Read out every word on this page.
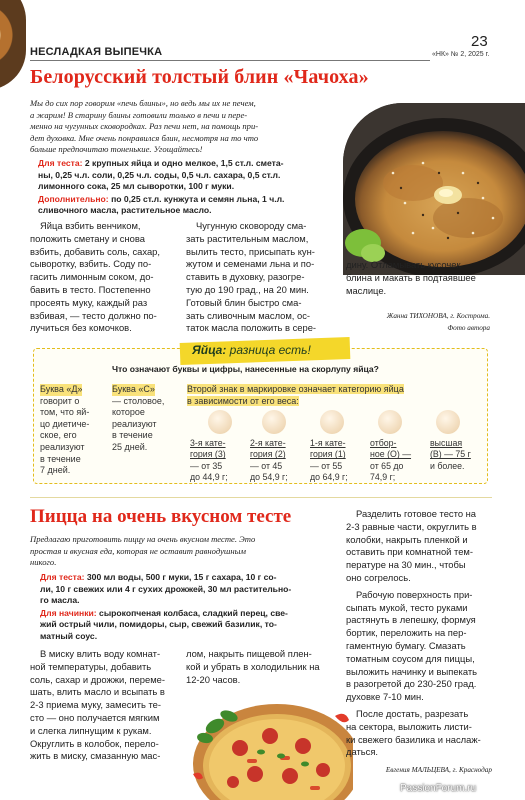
НЕСЛАДКАЯ ВЫПЕЧКА
23
«НК» № 2, 2025 г.
Белорусский толстый блин «Чачоха»
Мы до сих пор говорим «печь блины», но ведь мы их не печем,
а жарим! В старину блины готовили только в печи и пере-
менно на чугунных сковородках. Раз печи нет, на помощь при-
дет духовка. Мне очень понравился блин, несмотря на то что
больше предпочитаю тоненькие. Угощайтесь!
Для теста: 2 крупных яйца и одно мелкое, 1,5 ст.л. смета-
ны, 0,25 ч.л. соли, 0,25 ч.л. соды, 0,5 ч.л. сахара, 0,5 ст.л.
лимонного сока, 25 мл сыворотки, 100 г муки.
Дополнительно: по 0,25 ст.л. кунжута и семян льна, 1 ч.л.
сливочного масла, растительное масло.
Яйца взбить венчиком,
положить сметану и снова
взбить, добавить соль, сахар,
сыворотку, взбить. Соду по-
гасить лимонным соком, до-
бавить в тесто. Постепенно
просеять муку, каждый раз
взбивая, — тесто должно по-
лучиться без комочков.
Чугунную сковороду сма-
зать растительным маслом,
вылить тесто, присыпать кун-
жутом и семенами льна и по-
ставить в духовку, разогре-
тую до 190 град., на 20 мин.
Готовый блин быстро сма-
зать сливочным маслом, ос-
таток масла положить в сере-
дину. Отламывать кусочек
блина и макать в подтаявшее
маслице.
Жанна ТИХОНОВА, г. Кострома.
Фото автора
Яйца: разница есть!
Что означают буквы и цифры, нанесенные на скорлупу яйца?
Буква «Д»
говорит о
том, что яй-
цо диетиче-
ское, его
реализуют
в течение
7 дней.
Буква «С»
— столовое,
которое
реализуют
в течение
25 дней.
Второй знак в маркировке означает категорию яйца
в зависимости от его веса:
3-я кате-
гория (3)
— от 35
до 44,9 г;
2-я катe-
гория (2)
— от 45
до 54,9 г;
1-я кате-
гория (1)
— от 55
до 64,9 г;
отбор-
ное (О) —
от 65 до
74,9 г;
высшая
(В) — 75 г
и более.
Пицца на очень вкусном тесте
Предлагаю приготовить пиццу на очень вкусном тесте. Это
простая и вкусная еда, которая не оставит равнодушным
никого.
Для теста: 300 мл воды, 500 г муки, 15 г сахара, 10 г со-
ли, 10 г свежих или 4 г сухих дрожжей, 30 мл растительно-
го масла.
Для начинки: сырокопченая колбаса, сладкий перец, све-
жий острый чили, помидоры, сыр, свежий базилик, то-
матный соус.
В миску влить воду комнат-
ной температуры, добавить
соль, сахар и дрожжи, переме-
шать, влить масло и всыпать в
2-3 приема муку, замесить те-
сто — оно получается мягким
и слегка липнущим к рукам.
Округлить в колобок, перело-
жить в миску, смазанную мас-
лом, накрыть пищевой плен-
кой и убрать в холодильник на
12-20 часов.
Разделить готовое тесто на
2-3 равные части, округлить в
колобки, накрыть пленкой и
оставить при комнатной тем-
пературе на 30 мин., чтобы
оно согрелось.
Рабочую поверхность при-
сыпать мукой, тесто руками
растянуть в лепешку, формуя
бортик, переложить на пер-
гаментную бумагу. Смазать
томатным соусом для пиццы,
выложить начинку и выпекать
в разогретой до 230-250 град.
духовке 7-10 мин.
После достать, разрезать
на сектора, выложить листи-
ки свежего базилика и наслаж-
даться.
Евгения МАЛЬЦЕВА, г. Краснодар
PassionForum.ru
